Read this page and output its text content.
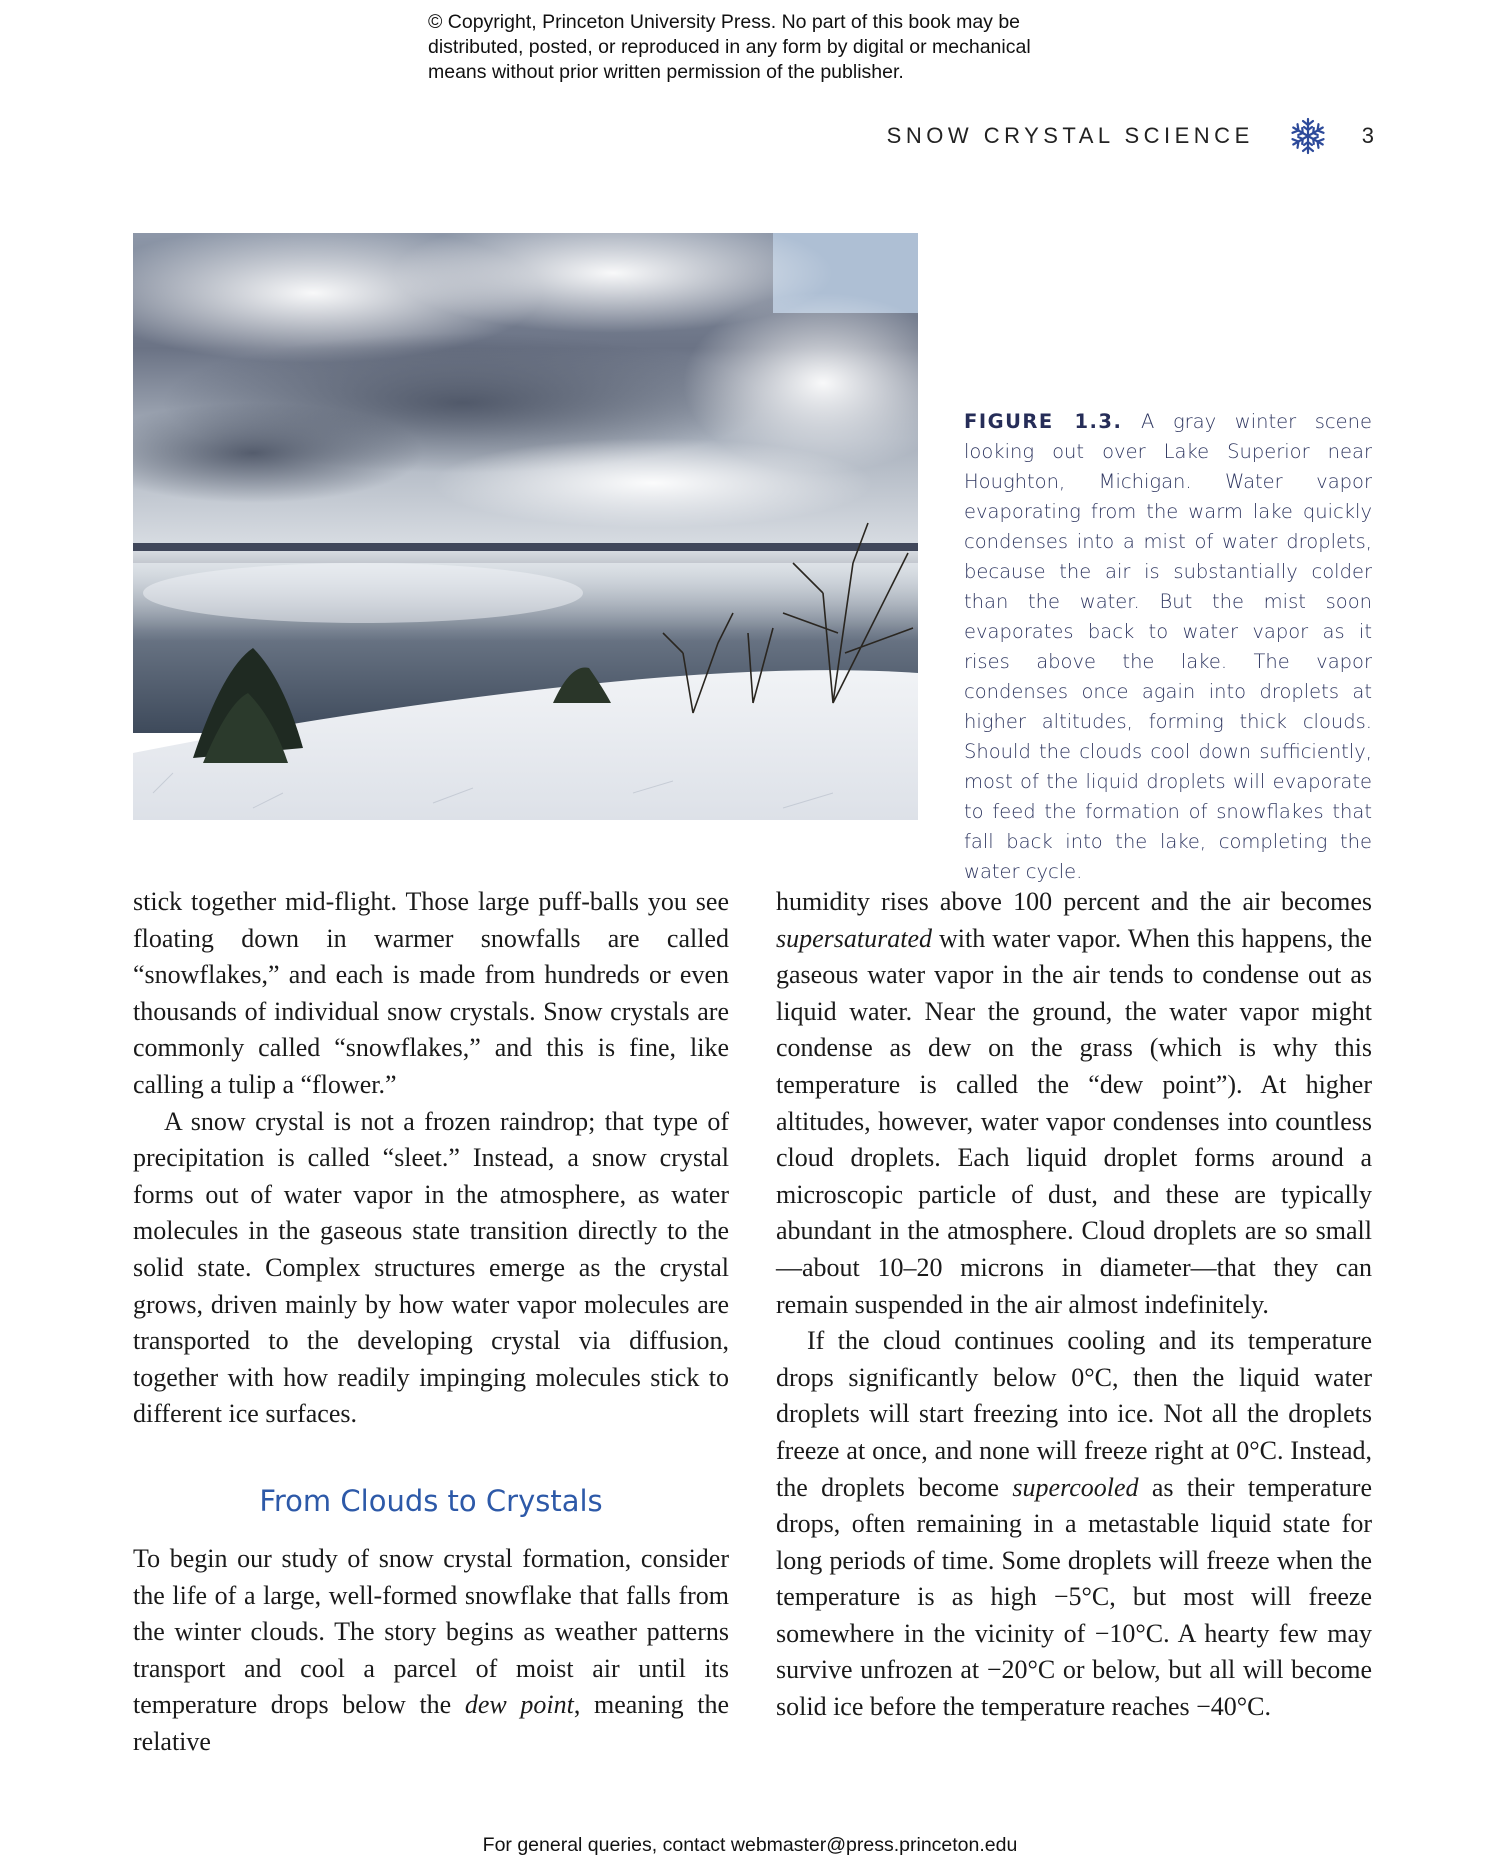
© Copyright, Princeton University Press. No part of this book may be
distributed, posted, or reproduced in any form by digital or mechanical
means without prior written permission of the publisher.
SNOW CRYSTAL SCIENCE	3
FIGURE 1.3. A gray winter scene looking out over Lake Superior near Houghton, Michigan. Water vapor evaporating from the warm lake quickly condenses into a mist of water droplets, because the air is substantially colder than the water. But the mist soon evaporates back to water vapor as it rises above the lake. The vapor condenses once again into droplets at higher altitudes, forming thick clouds. Should the clouds cool down sufficiently, most of the liquid droplets will evaporate to feed the formation of snowflakes that fall back into the lake, completing the water cycle.

stick together mid-flight. Those large puff-balls you see floating down in warmer snowfalls are called “snowflakes,” and each is made from hundreds or even thousands of individual snow crystals. Snow crystals are commonly called “snowflakes,” and this is fine, like calling a tulip a “flower.”

A snow crystal is not a frozen raindrop; that type of precipitation is called “sleet.” Instead, a snow crystal forms out of water vapor in the atmosphere, as water molecules in the gaseous state transition directly to the solid state. Complex structures emerge as the crystal grows, driven mainly by how water vapor molecules are transported to the developing crystal via diffusion, together with how readily impinging molecules stick to different ice surfaces.

From Clouds to Crystals

To begin our study of snow crystal formation, consider the life of a large, well-formed snowflake that falls from the winter clouds. The story begins as weather patterns transport and cool a parcel of moist air until its temperature drops below the dew point, meaning the relative

humidity rises above 100 percent and the air becomes supersaturated with water vapor. When this happens, the gaseous water vapor in the air tends to condense out as liquid water. Near the ground, the water vapor might condense as dew on the grass (which is why this temperature is called the “dew point”). At higher altitudes, however, water vapor condenses into countless cloud droplets. Each liquid droplet forms around a microscopic particle of dust, and these are typically abundant in the atmosphere. Cloud droplets are so small—about 10–20 microns in diameter—that they can remain suspended in the air almost indefinitely.

If the cloud continues cooling and its temperature drops significantly below 0°C, then the liquid water droplets will start freezing into ice. Not all the droplets freeze at once, and none will freeze right at 0°C. Instead, the droplets become supercooled as their temperature drops, often remaining in a metastable liquid state for long periods of time. Some droplets will freeze when the temperature is as high −5°C, but most will freeze somewhere in the vicinity of −10°C. A hearty few may survive unfrozen at −20°C or below, but all will become solid ice before the temperature reaches −40°C.

For general queries, contact webmaster@press.princeton.edu
